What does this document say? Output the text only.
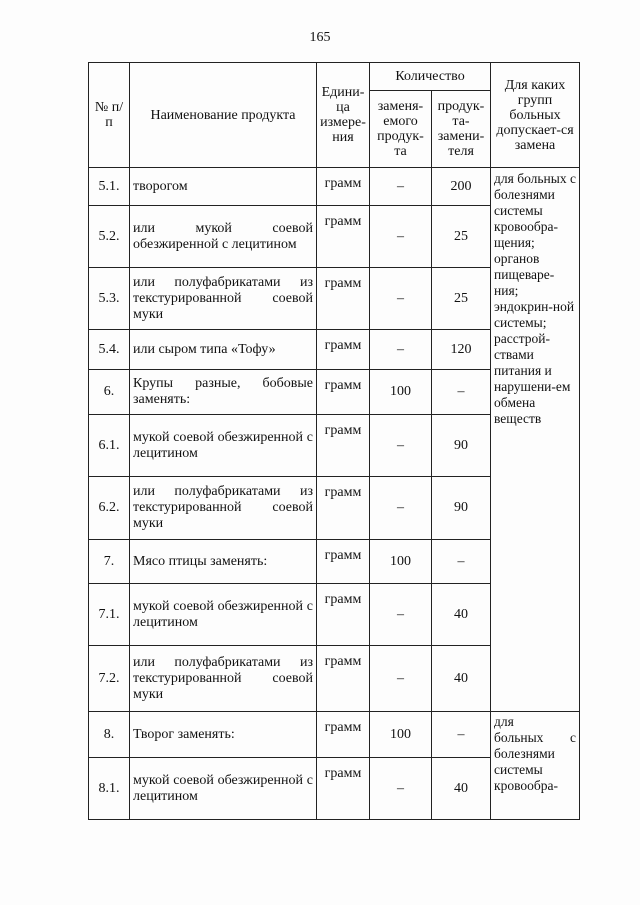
165
№ п/п	Наименование продукта	Едини-ца измере-ния	Количество		Для каких групп больных допускает-ся замена
			заменя-емого продук-та	продук-та-замени-теля	
5.1.	творогом	грамм	–	200	для больных с болезнями системы кровообра-щения; органов пищеваре-ния; эндокрин-ной системы; расстрой-ствами питания и нарушени-ем обмена веществ
5.2.	или мукой соевой обезжиренной с лецитином	грамм	–	25	
5.3.	или полуфабрикатами из текстурированной соевой муки	грамм	–	25	
5.4.	или сыром типа «Тофу»	грамм	–	120	
6.	Крупы разные, бобовые заменять:	грамм	100	–	
6.1.	мукой соевой обезжиренной с лецитином	грамм	–	90	
6.2.	или полуфабрикатами из текстурированной соевой муки	грамм	–	90	
7.	Мясо птицы заменять:	грамм	100	–	
7.1.	мукой соевой обезжиренной с лецитином	грамм	–	40	
7.2.	или полуфабрикатами из текстурированной соевой муки	грамм	–	40	
8.	Творог заменять:	грамм	100	–	для
больных с
болезнями системы кровообра-

8.1.	мукой соевой обезжиренной с лецитином	грамм	–	40	
